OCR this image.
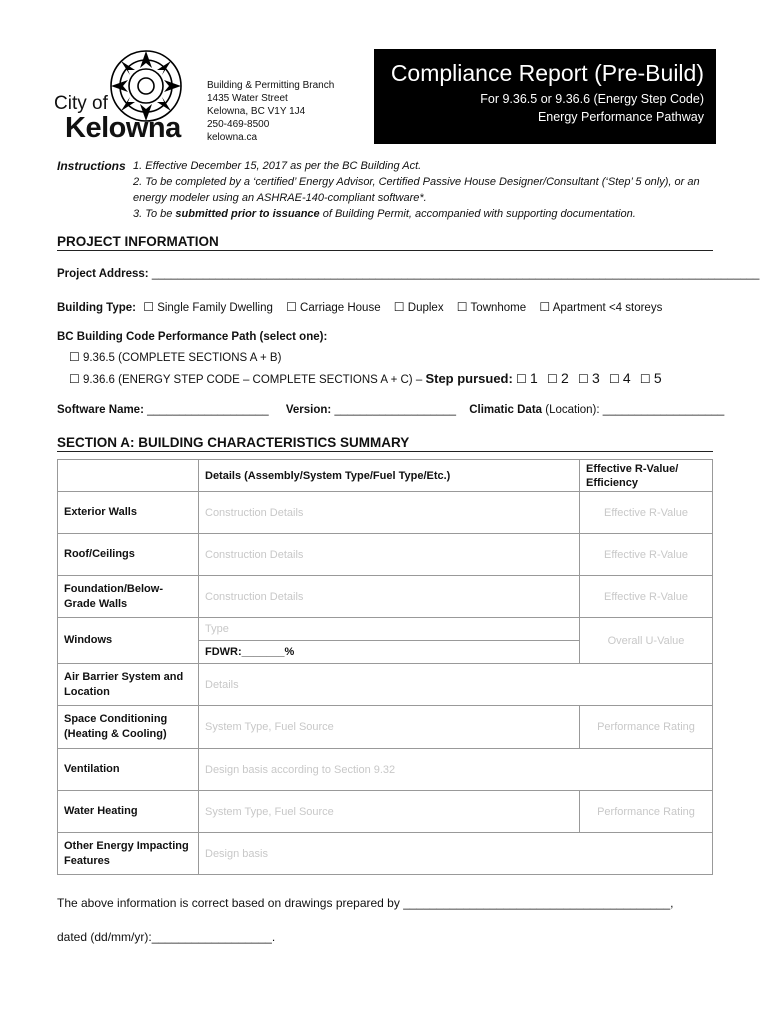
City of
Kelowna
Building & Permitting Branch
1435 Water Street
Kelowna, BC V1Y 1J4
250-469-8500
kelowna.ca
Compliance Report (Pre-Build)
For 9.36.5 or 9.36.6 (Energy Step Code)
Energy Performance Pathway
Instructions 1. Effective December 15, 2017 as per the BC Building Act.
2. To be completed by a ‘certified’ Energy Advisor, Certified Passive House Designer/Consultant (‘Step’ 5 only), or an
energy modeler using an ASHRAE-140-compliant software*.
3. To be submitted prior to issuance of Building Permit, accompanied with supporting documentation.
PROJECT INFORMATION
Project Address: _______________________________________________________________________________________________
Building Type: ☐ Single Family Dwelling ☐ Carriage House ☐ Duplex ☐ Townhome ☐ Apartment <4 storeys
BC Building Code Performance Path (select one):
☐ 9.36.5 (COMPLETE SECTIONS A + B)
☐ 9.36.6 (ENERGY STEP CODE – COMPLETE SECTIONS A + C) – Step pursued: ☐ 1 ☐ 2 ☐ 3 ☐ 4 ☐ 5
Software Name: ___________________ Version: ___________________ Climatic Data (Location): ___________________
SECTION A: BUILDING CHARACTERISTICS SUMMARY
	Details (Assembly/System Type/Fuel Type/Etc.)	Effective R-Value/ Efficiency
Exterior Walls	Construction Details	Effective R-Value
Roof/Ceilings	Construction Details	Effective R-Value
Foundation/Below-Grade Walls	Construction Details	Effective R-Value
Windows	Type	Overall U-Value
	FDWR:_______%	
Air Barrier System and Location	Details	
Space Conditioning (Heating & Cooling)	System Type, Fuel Source	Performance Rating
Ventilation	Design basis according to Section 9.32	
Water Heating	System Type, Fuel Source	Performance Rating
Other Energy Impacting Features	Design basis	
The above information is correct based on drawings prepared by ________________________________________,
dated (dd/mm/yr):__________________.
